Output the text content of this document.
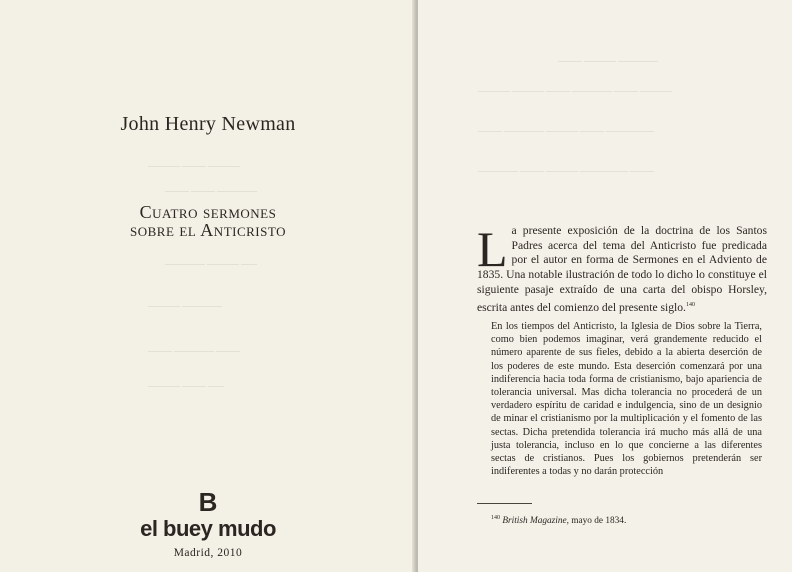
———— ——— ————
——— ——— —————
————— ———— ——
———— —————
——— ————— ———
———— ——— ——
John Henry Newman
Cuatro sermones
sobre el Anticristo
B
el buey mudo
Madrid, 2010
——— ———— —————
———— ———— ——— ————— ——— ————
——— ————— ———— ——— ——————
————— ——— ———— —————— ———
La presente exposición de la doctrina de los Santos Padres acerca del tema del Anticristo fue predicada por el autor en forma de Sermones en el Adviento de 1835. Una notable ilustración de todo lo dicho lo constituye el siguiente pasaje extraído de una carta del obispo Horsley, escrita antes del comienzo del presente siglo.$^{140}$
En los tiempos del Anticristo, la Iglesia de Dios sobre la Tierra, como bien podemos imaginar, verá grandemente reducido el número aparente de sus fieles, debido a la abierta deserción de los poderes de este mundo. Esta deserción comenzará por una indiferencia hacia toda forma de cristianismo, bajo apariencia de tolerancia universal. Mas dicha tolerancia no procederá de un verdadero espíritu de caridad e indulgencia, sino de un designio de minar el cristianismo por la multiplicación y el fomento de las sectas. Dicha pretendida tolerancia irá mucho más allá de una justa tolerancia, incluso en lo que concierne a las diferentes sectas de cristianos. Pues los gobiernos pretenderán ser indiferentes a todas y no darán protección
$^{140}$ British Magazine, mayo de 1834.
